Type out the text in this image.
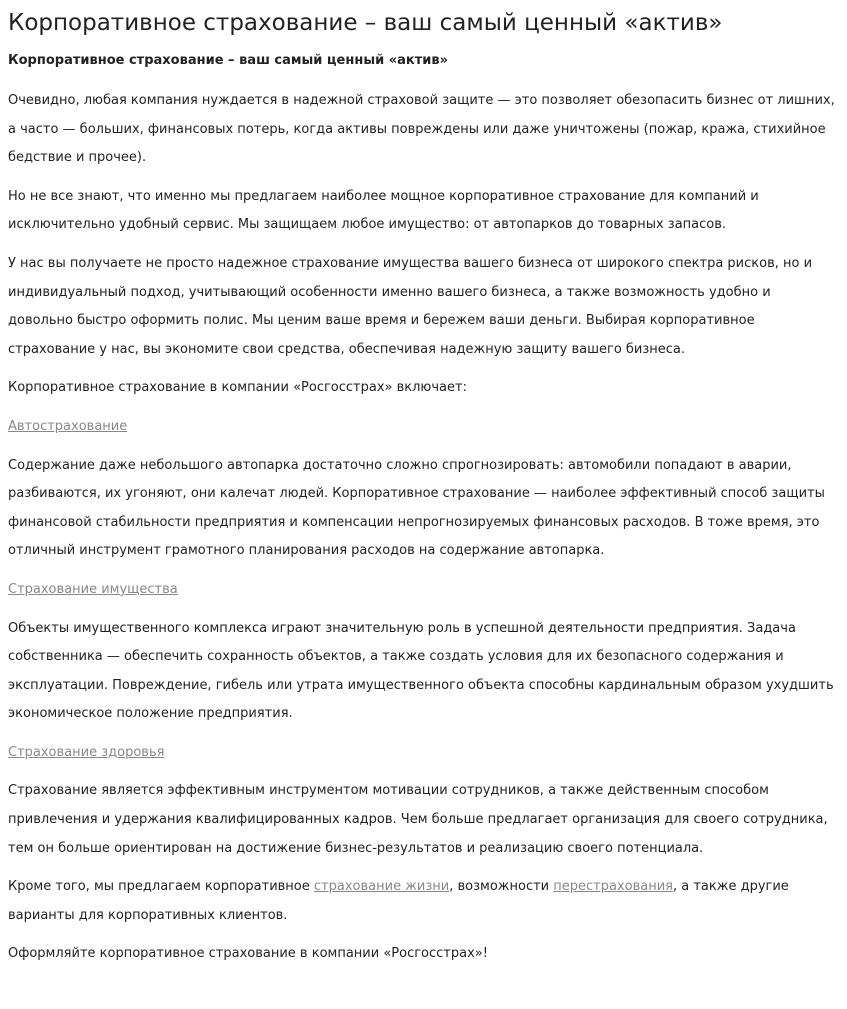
Корпоративное страхование – ваш самый ценный «актив»
Корпоративное страхование – ваш самый ценный «актив»

Очевидно, любая компания нуждается в надежной страховой защите — это позволяет обезопасить бизнес от лишних, а часто — больших, финансовых потерь, когда активы повреждены или даже уничтожены (пожар, кража, стихийное бедствие и прочее).

Но не все знают, что именно мы предлагаем наиболее мощное корпоративное страхование для компаний и исключительно удобный сервис. Мы защищаем любое имущество: от автопарков до товарных запасов.

У нас вы получаете не просто надежное страхование имущества вашего бизнеса от широкого спектра рисков, но и индивидуальный подход, учитывающий особенности именно вашего бизнеса, а также возможность удобно и довольно быстро оформить полис. Мы ценим ваше время и бережем ваши деньги. Выбирая корпоративное страхование у нас, вы экономите свои средства, обеспечивая надежную защиту вашего бизнеса.

Корпоративное страхование в компании «Росгосстрах» включает:

Автострахование

Содержание даже небольшого автопарка достаточно сложно спрогнозировать: автомобили попадают в аварии, разбиваются, их угоняют, они калечат людей. Корпоративное страхование — наиболее эффективный способ защиты финансовой стабильности предприятия и компенсации непрогнозируемых финансовых расходов. В тоже время, это отличный инструмент грамотного планирования расходов на содержание автопарка.

Страхование имущества

Объекты имущественного комплекса играют значительную роль в успешной деятельности предприятия. Задача собственника — обеспечить сохранность объектов, а также создать условия для их безопасного содержания и эксплуатации. Повреждение, гибель или утрата имущественного объекта способны кардинальным образом ухудшить экономическое положение предприятия.

Страхование здоровья

Страхование является эффективным инструментом мотивации сотрудников, а также действенным способом привлечения и удержания квалифицированных кадров. Чем больше предлагает организация для своего сотрудника, тем он больше ориентирован на достижение бизнес-результатов и реализацию своего потенциала.

Кроме того, мы предлагаем корпоративное страхование жизни, возможности перестрахования, а также другие варианты для корпоративных клиентов.

Оформляйте корпоративное страхование в компании «Росгосстрах»!
